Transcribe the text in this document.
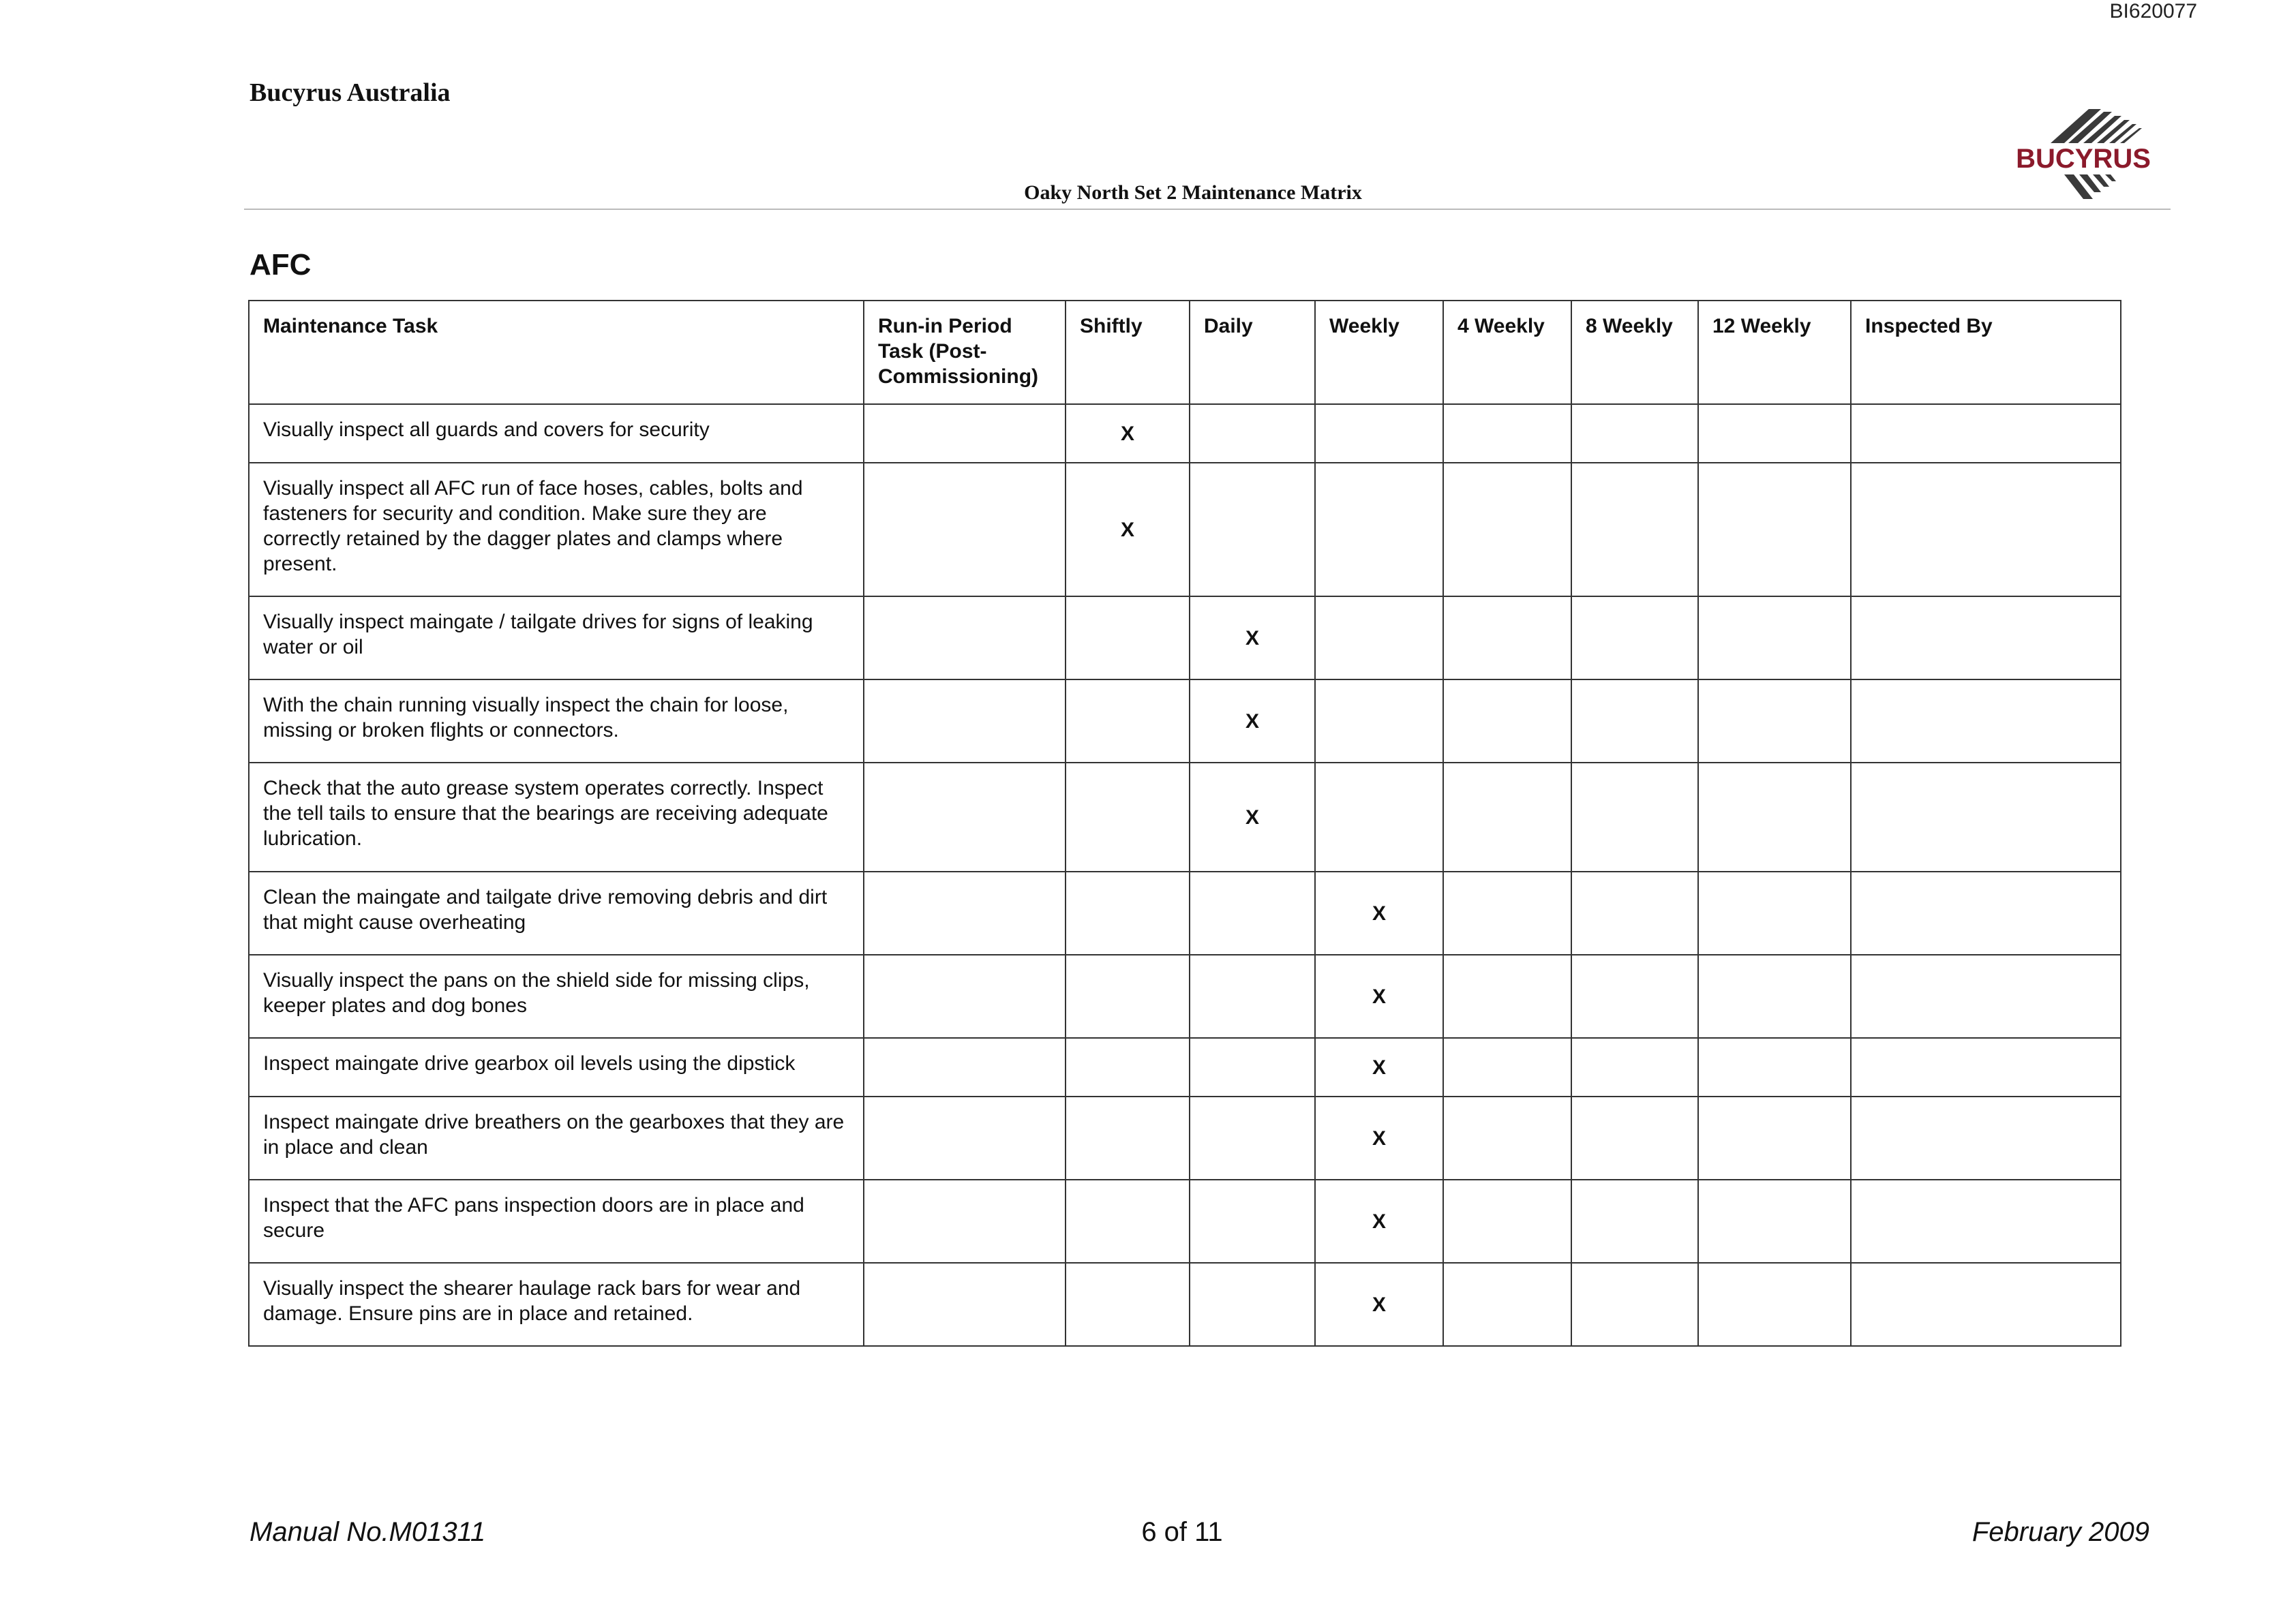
BI620077
Bucyrus Australia
BUCYRUS
Oaky North Set 2 Maintenance Matrix
AFC
Maintenance Task	Run-in Period Task (Post-Commissioning)	Shiftly	Daily	Weekly	4 Weekly	8 Weekly	12 Weekly	Inspected By
Visually inspect all guards and covers for security		X						
Visually inspect all AFC run of face hoses, cables, bolts and fasteners for security and condition. Make sure they are correctly retained by the dagger plates and clamps where present.		X						
Visually inspect maingate / tailgate drives for signs of leaking water or oil			X					
With the chain running visually inspect the chain for loose, missing or broken flights or connectors.			X					
Check that the auto grease system operates correctly. Inspect the tell tails to ensure that the bearings are receiving adequate lubrication.			X					
Clean the maingate and tailgate drive removing debris and dirt that might cause overheating				X				
Visually inspect the pans on the shield side for missing clips, keeper plates and dog bones				X				
Inspect maingate drive gearbox oil levels using the dipstick				X				
Inspect maingate drive breathers on the gearboxes that they are in place and clean				X				
Inspect that the AFC pans inspection doors are in place and secure				X				
Visually inspect the shearer haulage rack bars for wear and damage. Ensure pins are in place and retained.				X				
Manual No.M01311	6 of 11	February 2009
